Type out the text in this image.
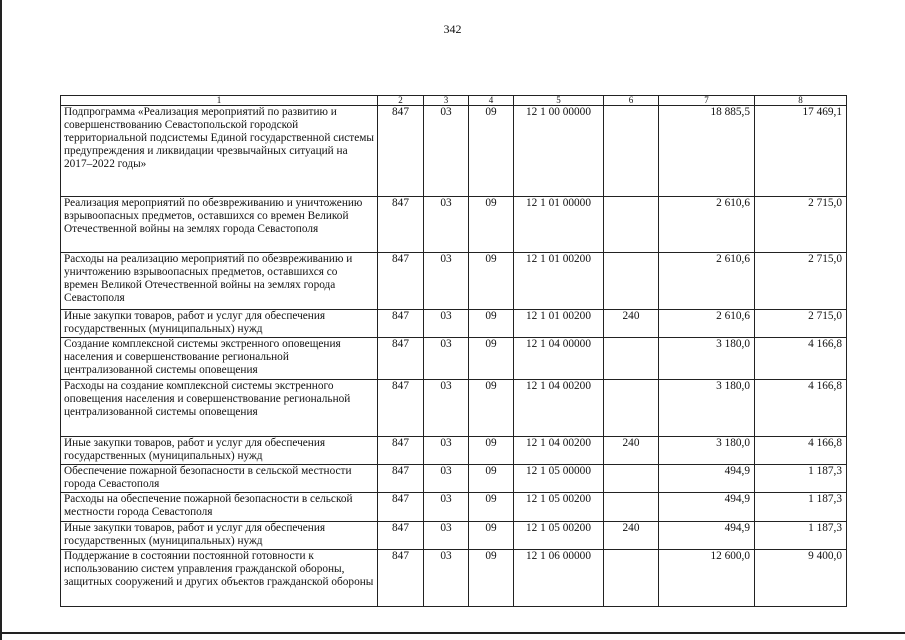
342
1	2	3	4	5	6	7	8
Подпрограмма «Реализация мероприятий по развитию и совершенствованию Севастопольской городской территориальной подсистемы Единой государственной системы предупреждения и ликвидации чрезвычайных ситуаций на 2017–2022 годы»	847	03	09	12 1 00 00000		18 885,5	17 469,1
Реализация мероприятий по обезвреживанию и уничтожению взрывоопасных предметов, оставшихся со времен Великой Отечественной войны на землях города Севастополя	847	03	09	12 1 01 00000		2 610,6	2 715,0
Расходы на реализацию мероприятий по обезвреживанию и уничтожению взрывоопасных предметов, оставшихся со времен Великой Отечественной войны на землях города Севастополя	847	03	09	12 1 01 00200		2 610,6	2 715,0
Иные закупки товаров, работ и услуг для обеспечения государственных (муниципальных) нужд	847	03	09	12 1 01 00200	240	2 610,6	2 715,0
Создание комплексной системы экстренного оповещения населения и совершенствование региональной централизованной системы оповещения	847	03	09	12 1 04 00000		3 180,0	4 166,8
Расходы на создание комплексной системы экстренного оповещения населения и совершенствование региональной централизованной системы оповещения	847	03	09	12 1 04 00200		3 180,0	4 166,8
Иные закупки товаров, работ и услуг для обеспечения государственных (муниципальных) нужд	847	03	09	12 1 04 00200	240	3 180,0	4 166,8
Обеспечение пожарной безопасности в сельской местности города Севастополя	847	03	09	12 1 05 00000		494,9	1 187,3
Расходы на обеспечение пожарной безопасности в сельской местности города Севастополя	847	03	09	12 1 05 00200		494,9	1 187,3
Иные закупки товаров, работ и услуг для обеспечения государственных (муниципальных) нужд	847	03	09	12 1 05 00200	240	494,9	1 187,3
Поддержание в состоянии постоянной готовности к использованию систем управления гражданской обороны, защитных сооружений и других объектов гражданской обороны	847	03	09	12 1 06 00000		12 600,0	9 400,0
